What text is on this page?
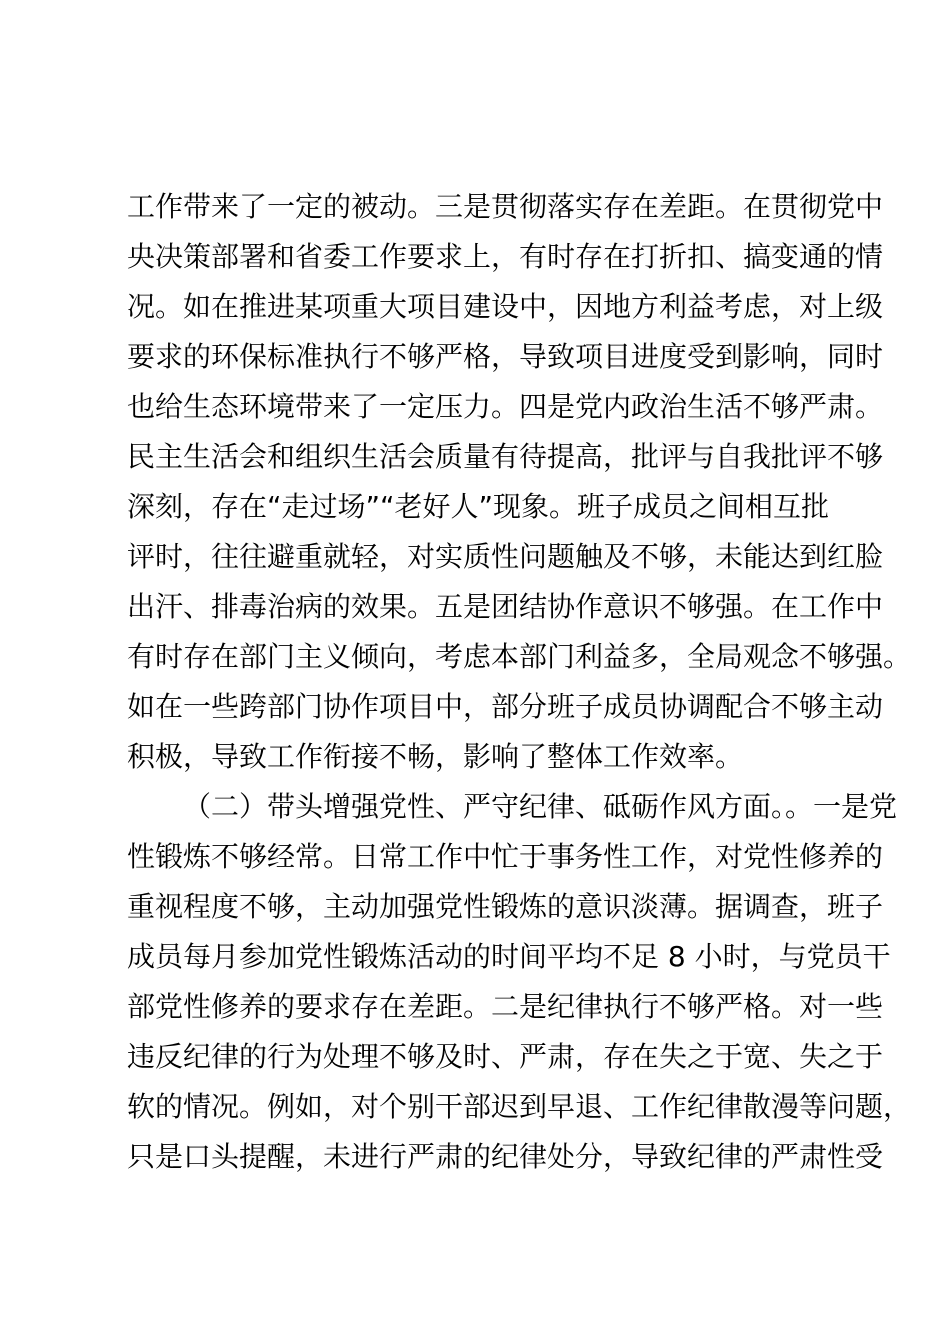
工作带来了一定的被动。三是贯彻落实存在差距。在贯彻党中
央决策部署和省委工作要求上，有时存在打折扣、搞变通的情
况。如在推进某项重大项目建设中，因地方利益考虑，对上级
要求的环保标准执行不够严格，导致项目进度受到影响，同时
也给生态环境带来了一定压力。四是党内政治生活不够严肃。
民主生活会和组织生活会质量有待提高，批评与自我批评不够
深刻，存在“走过场”“老好人”现象。班子成员之间相互批
评时，往往避重就轻，对实质性问题触及不够，未能达到红脸
出汗、排毒治病的效果。五是团结协作意识不够强。在工作中
有时存在部门主义倾向，考虑本部门利益多，全局观念不够强。
如在一些跨部门协作项目中，部分班子成员协调配合不够主动
积极，导致工作衔接不畅，影响了整体工作效率。
（二）带头增强党性、严守纪律、砥砺作风方面。。一是党
性锻炼不够经常。日常工作中忙于事务性工作，对党性修养的
重视程度不够，主动加强党性锻炼的意识淡薄。据调查，班子
成员每月参加党性锻炼活动的时间平均不足 8 小时，与党员干
部党性修养的要求存在差距。二是纪律执行不够严格。对一些
违反纪律的行为处理不够及时、严肃，存在失之于宽、失之于
软的情况。例如，对个别干部迟到早退、工作纪律散漫等问题，
只是口头提醒，未进行严肃的纪律处分，导致纪律的严肃性受
